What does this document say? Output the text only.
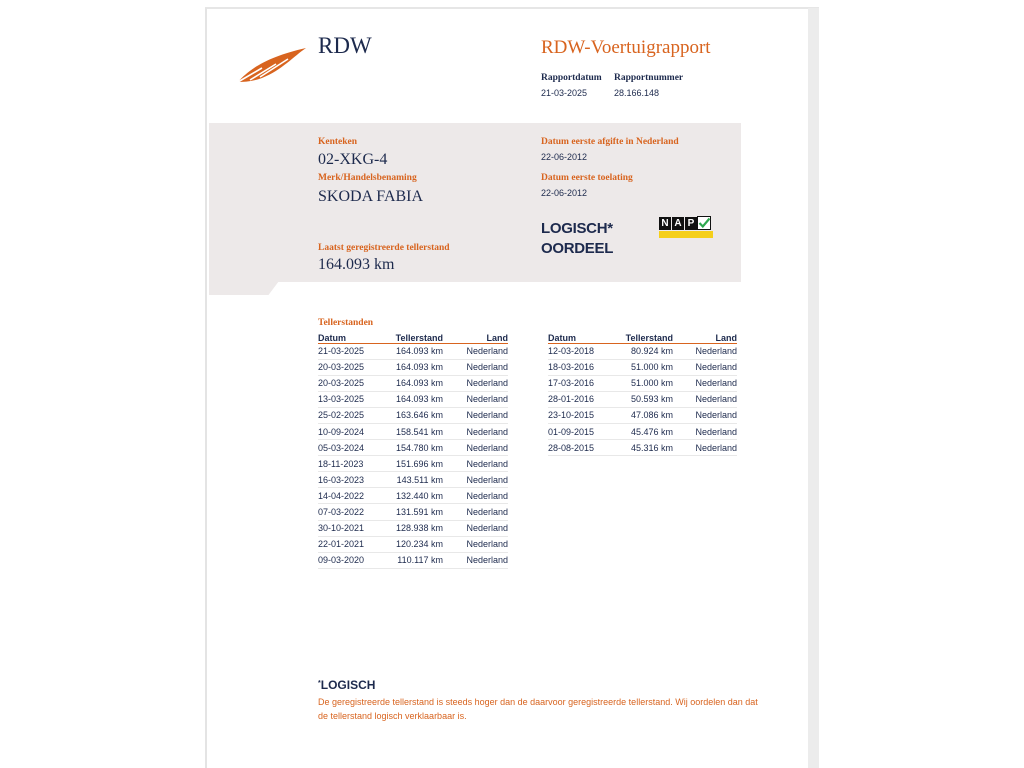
RDW	RDW-Voertuigrapport
Rapportdatum Rapportnummer
21-03-2025	28.166.148
Kenteken
02-XKG-4
Merk/Handelsbenaming
SKODA FABIA
Laatst geregistreerde tellerstand
164.093 km
Datum eerste afgifte in Nederland
22-06-2012
Datum eerste toelating
22-06-2012
LOGISCH*
OORDEEL
N A P
Tellerstanden
Datum	Tellerstand	Land
21-03-2025	164.093 km	Nederland
20-03-2025	164.093 km	Nederland
20-03-2025	164.093 km	Nederland
13-03-2025	164.093 km	Nederland
25-02-2025	163.646 km	Nederland
10-09-2024	158.541 km	Nederland
05-03-2024	154.780 km	Nederland
18-11-2023	151.696 km	Nederland
16-03-2023	143.511 km	Nederland
14-04-2022	132.440 km	Nederland
07-03-2022	131.591 km	Nederland
30-10-2021	128.938 km	Nederland
22-01-2021	120.234 km	Nederland
09-03-2020	110.117 km	Nederland
Datum	Tellerstand	Land
12-03-2018	80.924 km	Nederland
18-03-2016	51.000 km	Nederland
17-03-2016	51.000 km	Nederland
28-01-2016	50.593 km	Nederland
23-10-2015	47.086 km	Nederland
01-09-2015	45.476 km	Nederland
28-08-2015	45.316 km	Nederland
*LOGISCH
De geregistreerde tellerstand is steeds hoger dan de daarvoor geregistreerde tellerstand. Wij oordelen dan dat de tellerstand logisch verklaarbaar is.
